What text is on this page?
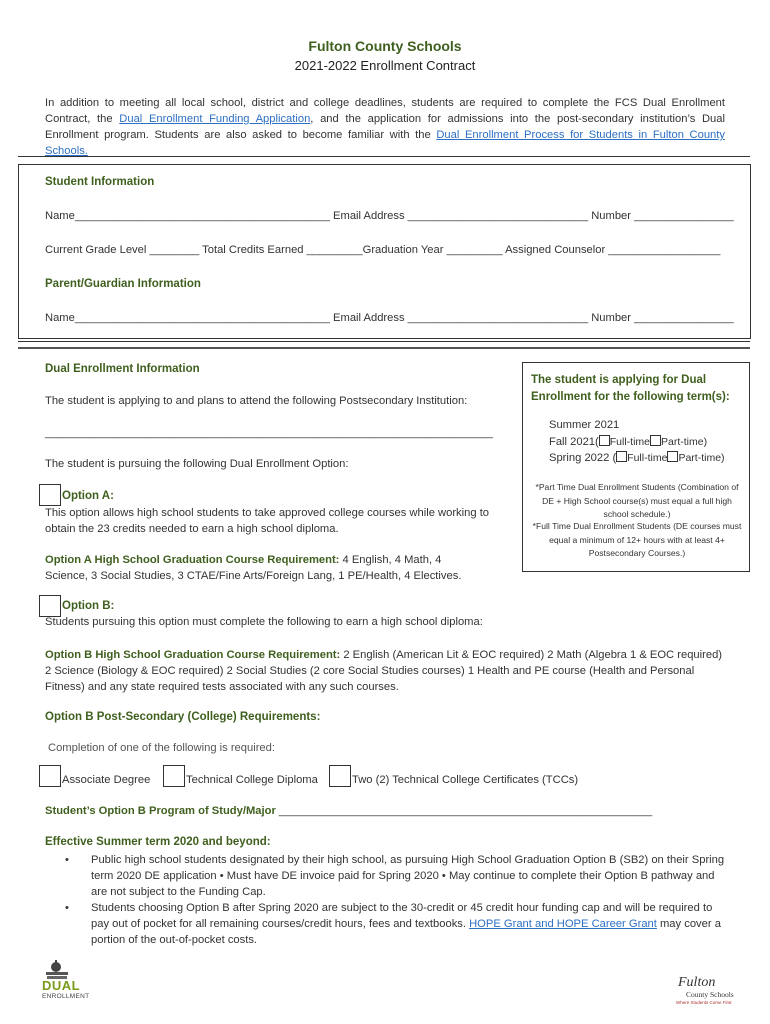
Fulton County Schools
2021-2022 Enrollment Contract

In addition to meeting all local school, district and college deadlines, students are required to complete the FCS Dual Enrollment Contract, the Dual Enrollment Funding Application, and the application for admissions into the post-secondary institution’s Dual Enrollment program. Students are also asked to become familiar with the Dual Enrollment Process for Students in Fulton County Schools.

Student Information
Name_________________________________________ Email Address _____________________________ Number ________________
Current Grade Level ________ Total Credits Earned _________Graduation Year _________ Assigned Counselor __________________
Parent/Guardian Information
Name_________________________________________ Email Address _____________________________ Number ________________
Dual Enrollment Information
The student is applying to and plans to attend the following Postsecondary Institution:
________________________________________________________________________
The student is pursuing the following Dual Enrollment Option:
The student is applying for Dual Enrollment for the following term(s):
Summer 2021
Fall 2021( Full-time Part-time)
Spring 2022 ( Full-time Part-time)
*Part Time Dual Enrollment Students (Combination of DE + High School course(s) must equal a full high school schedule.)
*Full Time Dual Enrollment Students (DE courses must equal a minimum of 12+ hours with at least 4+ Postsecondary Courses.)
Option A:
This option allows high school students to take approved college courses while working to obtain the 23 credits needed to earn a high school diploma.

Option A High School Graduation Course Requirement: 4 English, 4 Math, 4 Science, 3 Social Studies, 3 CTAE/Fine Arts/Foreign Lang, 1 PE/Health, 4 Electives.

Option B:
Students pursuing this option must complete the following to earn a high school diploma:

Option B High School Graduation Course Requirement: 2 English (American Lit & EOC required) 2 Math (Algebra 1 & EOC required) 2 Science (Biology & EOC required) 2 Social Studies (2 core Social Studies courses) 1 Health and PE course (Health and Personal Fitness) and any state required tests associated with any such courses.

Option B Post-Secondary (College) Requirements:
Completion of one of the following is required:
Associate Degree	Technical College Diploma	Two (2) Technical College Certificates (TCCs)
Student’s Option B Program of Study/Major ____________________________________________________________
Effective Summer term 2020 and beyond:
• Public high school students designated by their high school, as pursuing High School Graduation Option B (SB2) on their Spring term 2020 DE application • Must have DE invoice paid for Spring 2020 • May continue to complete their Option B pathway and are not subject to the Funding Cap.
• Students choosing Option B after Spring 2020 are subject to the 30-credit or 45 credit hour funding cap and will be required to pay out of pocket for all remaining courses/credit hours, fees and textbooks. HOPE Grant and HOPE Career Grant may cover a portion of the out-of-pocket costs.
DUAL
ENROLLMENT
Fulton
County Schools
Where Students Come First
